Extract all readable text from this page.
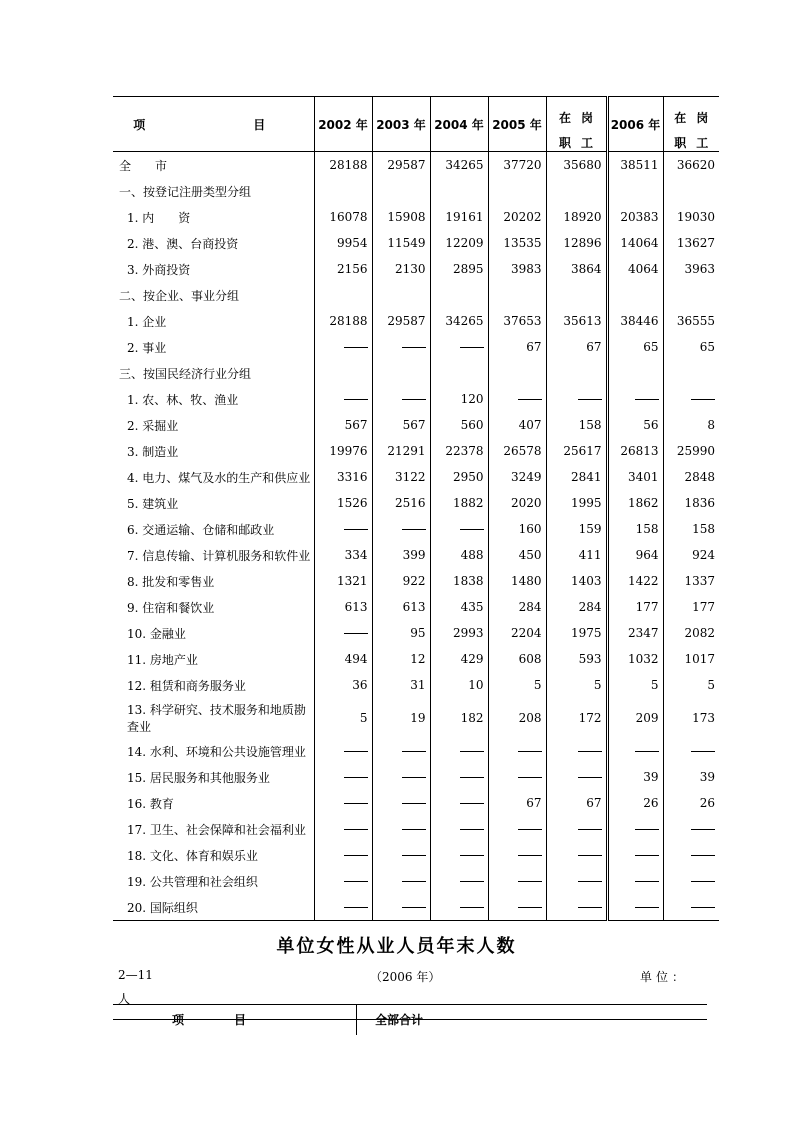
项　　目	2002 年	2003 年	2004 年	2005 年	在岗
职工	2006 年	在岗
职工

全　　市	28188	29587	34265	37720	35680	38511	36620
一、按登记注册类型分组							
1. 内　　资	16078	15908	19161	20202	18920	20383	19030
2. 港、澳、台商投资	9954	11549	12209	13535	12896	14064	13627
3. 外商投资	2156	2130	2895	3983	3864	4064	3963
二、按企业、事业分组							
1. 企业	28188	29587	34265	37653	35613	38446	36555
2. 事业				67	67	65	65
三、按国民经济行业分组							
1. 农、林、牧、渔业			120				
2. 采掘业	567	567	560	407	158	56	8
3. 制造业	19976	21291	22378	26578	25617	26813	25990
4. 电力、煤气及水的生产和供应业	3316	3122	2950	3249	2841	3401	2848
5. 建筑业	1526	2516	1882	2020	1995	1862	1836
6. 交通运输、仓储和邮政业				160	159	158	158
7. 信息传输、计算机服务和软件业	334	399	488	450	411	964	924
8. 批发和零售业	1321	922	1838	1480	1403	1422	1337
9. 住宿和餐饮业	613	613	435	284	284	177	177
10. 金融业		95	2993	2204	1975	2347	2082
11. 房地产业	494	12	429	608	593	1032	1017
12. 租赁和商务服务业	36	31	10	5	5	5	5
13. 科学研究、技术服务和地质勘查业	5	19	182	208	172	209	173
14. 水利、环境和公共设施管理业							
15. 居民服务和其他服务业						39	39
16. 教育				67	67	26	26
17. 卫生、社会保障和社会福利业							
18. 文化、体育和娱乐业							
19. 公共管理和社会组织							
20. 国际组织							
单位女性从业人员年末人数
2—11	（2006 年）	单位：
人
项目	全部合计
